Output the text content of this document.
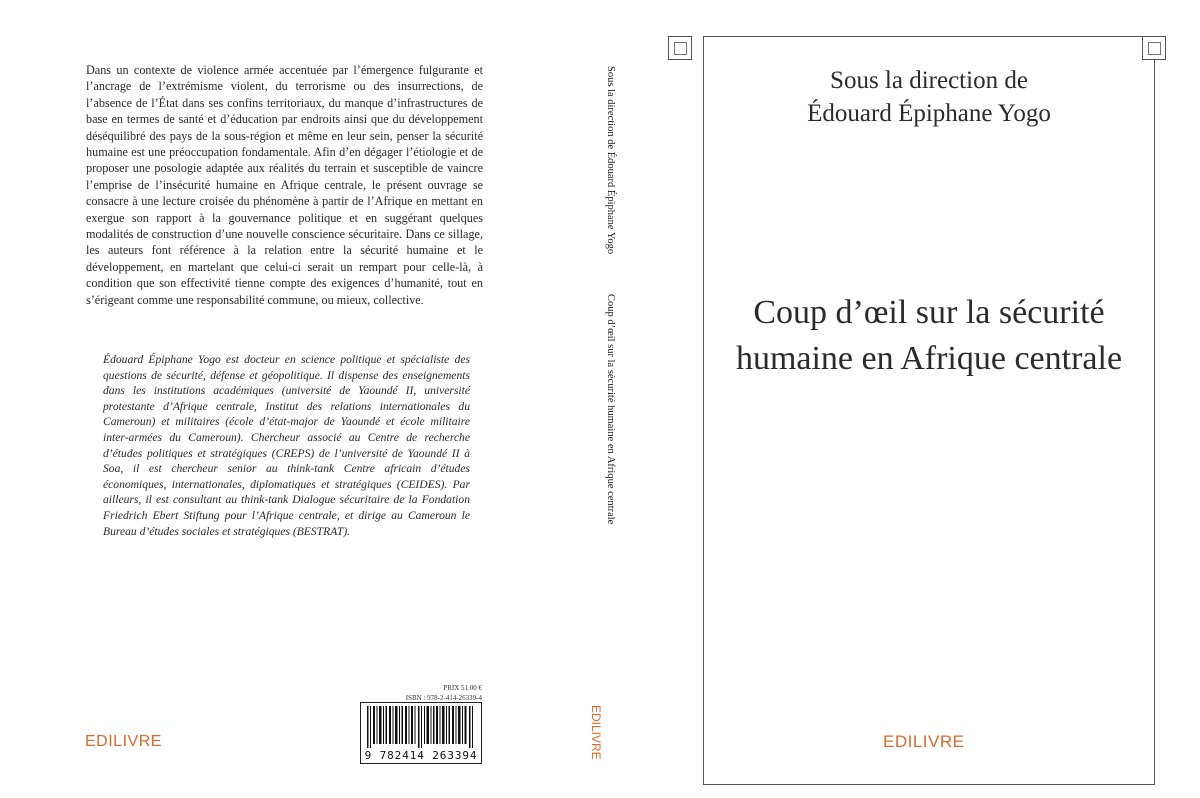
Dans un contexte de violence armée accentuée par l’émergence fulgurante et l’ancrage de l’extrémisme violent, du terrorisme ou des insurrections, de l’absence de l’État dans ses confins territoriaux, du manque d’infrastructures de base en termes de santé et d’éducation par endroits ainsi que du développement déséquilibré des pays de la sous-région et même en leur sein, penser la sécurité humaine est une préoccupation fondamentale. Afin d’en dégager l’étiologie et de proposer une posologie adaptée aux réalités du terrain et susceptible de vaincre l’emprise de l’insécurité humaine en Afrique centrale, le présent ouvrage se consacre à une lecture croisée du phénomène à partir de l’Afrique en mettant en exergue son rapport à la gouvernance politique et en suggérant quelques modalités de construction d’une nouvelle conscience sécuritaire. Dans ce sillage, les auteurs font référence à la relation entre la sécurité humaine et le développement, en martelant que celui-ci serait un rempart pour celle-là, à condition que son effectivité tienne compte des exigences d’humanité, tout en s’érigeant comme une responsabilité commune, ou mieux, collective.
Édouard Épiphane Yogo est docteur en science politique et spécialiste des questions de sécurité, défense et géopolitique. Il dispense des enseignements dans les institutions académiques (université de Yaoundé II, université protestante d’Afrique centrale, Institut des relations internationales du Cameroun) et militaires (école d’état-major de Yaoundé et école militaire inter-armées du Cameroun). Chercheur associé au Centre de recherche d’études politiques et stratégiques (CREPS) de l’université de Yaoundé II à Soa, il est chercheur senior au think-tank Centre africain d’études économiques, internationales, diplomatiques et stratégiques (CEIDES). Par ailleurs, il est consultant au think-tank Dialogue sécuritaire de la Fondation Friedrich Ebert Stiftung pour l’Afrique centrale, et dirige au Cameroun le Bureau d’études sociales et stratégiques (BESTRAT).
PRIX 51.00 €
ISBN : 978-2-414-26339-4
9 782414 263394
EDILIVRE
Sous la direction de Édouard Épiphane Yogo
Coup d’œil sur la sécurité humaine en Afrique centrale
EDILIVRE
Sous la direction de
Édouard Épiphane Yogo
Coup d’œil sur la sécurité
humaine en Afrique centrale
EDILIVRE
